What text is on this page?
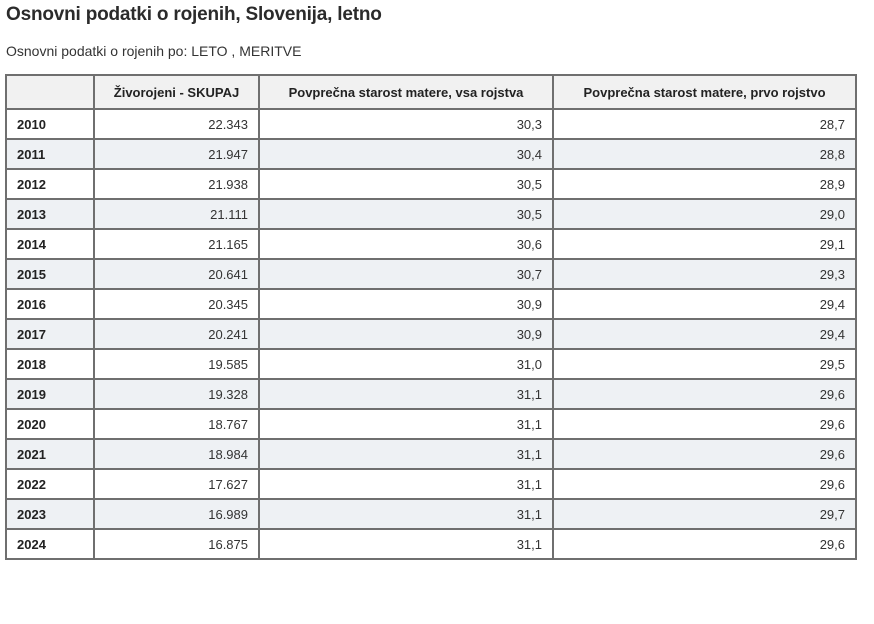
Osnovni podatki o rojenih, Slovenija, letno
Osnovni podatki o rojenih po: LETO , MERITVE
	Živorojeni - SKUPAJ	Povprečna starost matere, vsa rojstva	Povprečna starost matere, prvo rojstvo
2010	22.343	30,3	28,7
2011	21.947	30,4	28,8
2012	21.938	30,5	28,9
2013	21.111	30,5	29,0
2014	21.165	30,6	29,1
2015	20.641	30,7	29,3
2016	20.345	30,9	29,4
2017	20.241	30,9	29,4
2018	19.585	31,0	29,5
2019	19.328	31,1	29,6
2020	18.767	31,1	29,6
2021	18.984	31,1	29,6
2022	17.627	31,1	29,6
2023	16.989	31,1	29,7
2024	16.875	31,1	29,6
